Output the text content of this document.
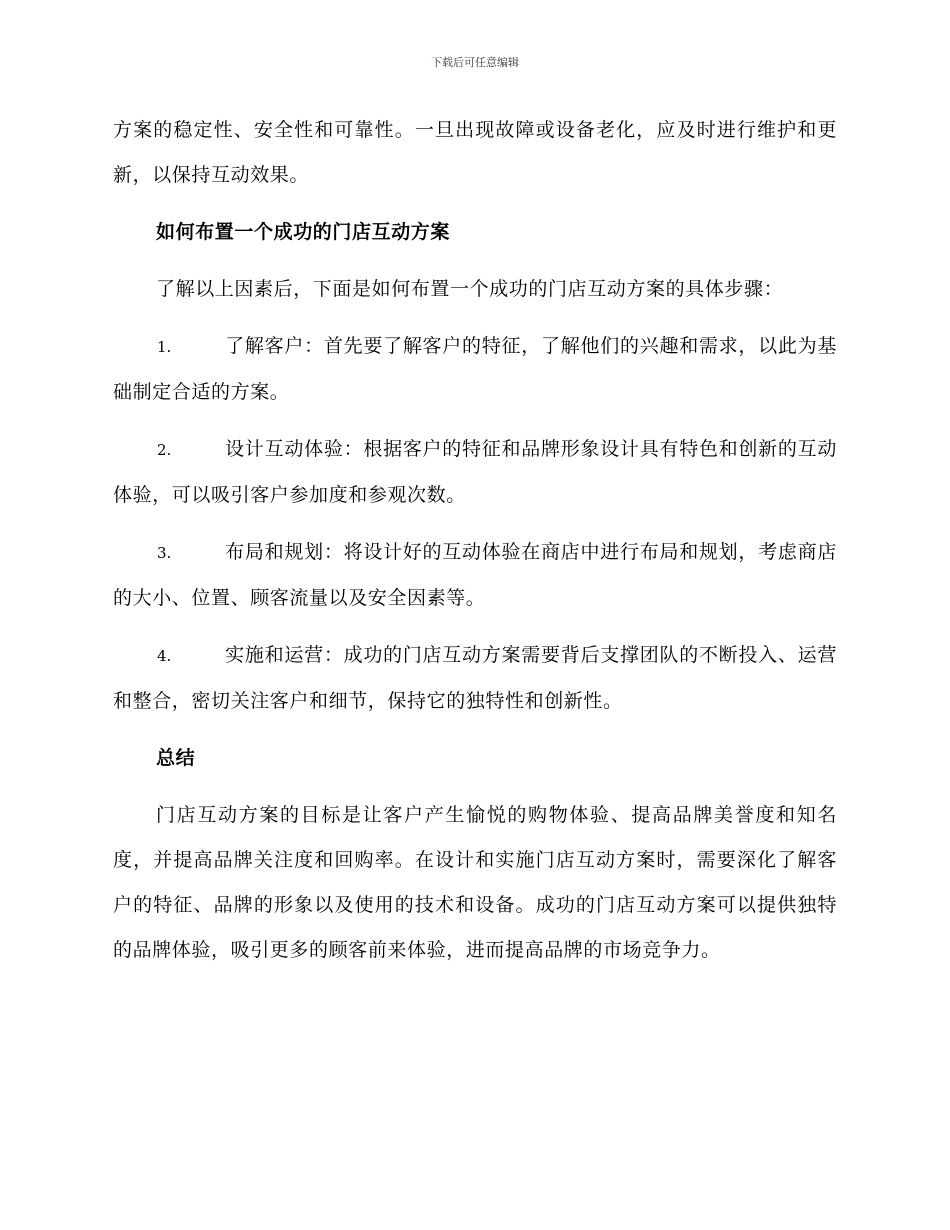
下载后可任意编辑

方案的稳定性、安全性和可靠性。一旦出现故障或设备老化，应及时进行维护和更新，以保持互动效果。

如何布置一个成功的门店互动方案

了解以上因素后，下面是如何布置一个成功的门店互动方案的具体步骤：

1.	了解客户：首先要了解客户的特征，了解他们的兴趣和需求，以此为基础制定合适的方案。
2.	设计互动体验：根据客户的特征和品牌形象设计具有特色和创新的互动体验，可以吸引客户参加度和参观次数。
3.	布局和规划：将设计好的互动体验在商店中进行布局和规划，考虑商店的大小、位置、顾客流量以及安全因素等。
4.	实施和运营：成功的门店互动方案需要背后支撑团队的不断投入、运营和整合，密切关注客户和细节，保持它的独特性和创新性。
总结

门店互动方案的目标是让客户产生愉悦的购物体验、提高品牌美誉度和知名度，并提高品牌关注度和回购率。在设计和实施门店互动方案时，需要深化了解客户的特征、品牌的形象以及使用的技术和设备。成功的门店互动方案可以提供独特的品牌体验，吸引更多的顾客前来体验，进而提高品牌的市场竞争力。
